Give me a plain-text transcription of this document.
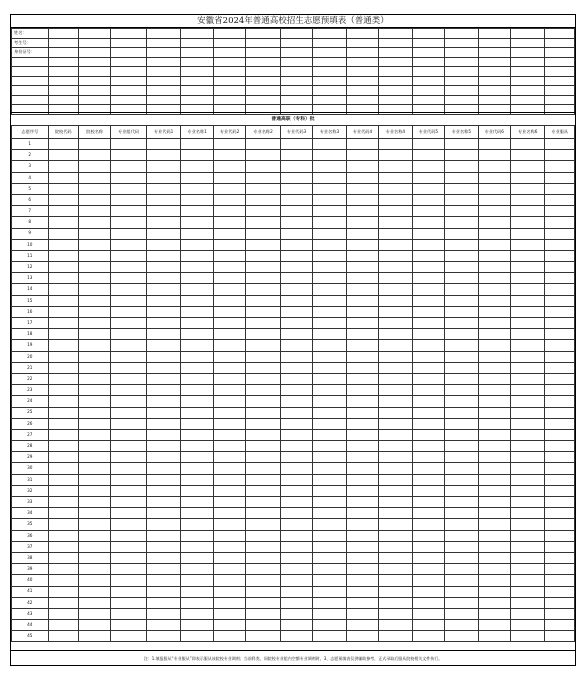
安徽省2024年普通高校招生志愿预填表（普通类）
姓名：																
考生号：																
身份证号：																

普通高职（专科）批
志愿序号	院校代码	院校名称	专业组代码	专业代码1	专业名称1	专业代码2	专业名称2	专业代码3	专业名称3	专业代码4	专业名称4	专业代码5	专业名称5	专业代码6	专业名称6	专业服从
1																
2																
3																
4																
5																
6																
7																
8																
9																
10																
11																
12																
13																
14																
15																
16																
17																
18																
19																
20																
21																
22																
23																
24																
25																
26																
27																
28																
29																
30																
31																
32																
33																
34																
35																
36																
37																
38																
39																
40																
41																
42																
43																
44																
45																
注：1.填报服从“专业服从”即表示服从该院校专业调剂；当前科类、同院校专业组内空额专业调剂时，3、志愿预填表仅供辅助参考，正式录取后服从院校相关文件执行。
